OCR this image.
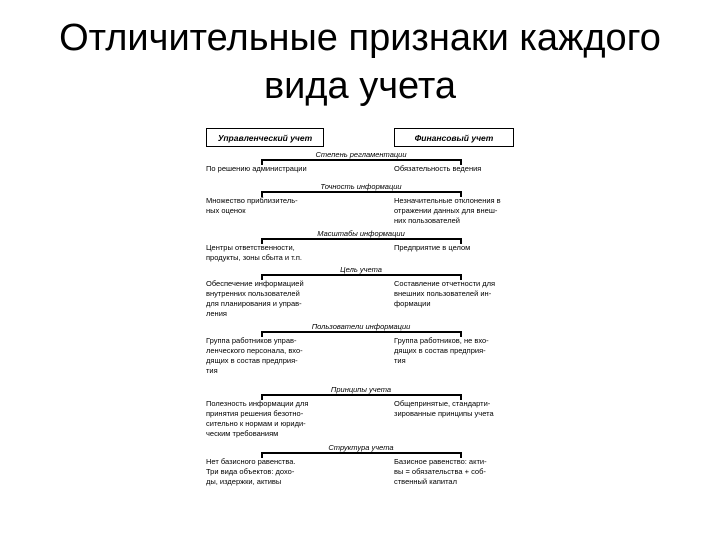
Отличительные признаки каждого
вида учета
Управленческий учет	Финансовый учет
Степень регламентации
По решению администрации	Обязательность ведения
Точность информации
Множество приблизитель-
ных оценок
Незначительные отклонения в
отражении данных для внеш-
них пользователей
Масштабы информации
Центры ответственности,
продукты, зоны сбыта и т.п.
Предприятие в целом
Цель учета
Обеспечение информацией
внутренних пользователей
для планирования и управ-
ления
Составление отчетности для
внешних пользователей ин-
формации
Пользователи информации
Группа работников управ-
ленческого персонала, вхо-
дящих в состав предприя-
тия
Группа работников, не вхо-
дящих в состав предприя-
тия
Принципы учета
Полезность информации для
принятия решения безотно-
сительно к нормам и юриди-
ческим требованиям
Общепринятые, стандарти-
зированные принципы учета
Структура учета
Нет базисного равенства.
Три вида объектов: дохо-
ды, издержки, активы
Базисное равенство: акти-
вы = обязательства + соб-
ственный капитал
